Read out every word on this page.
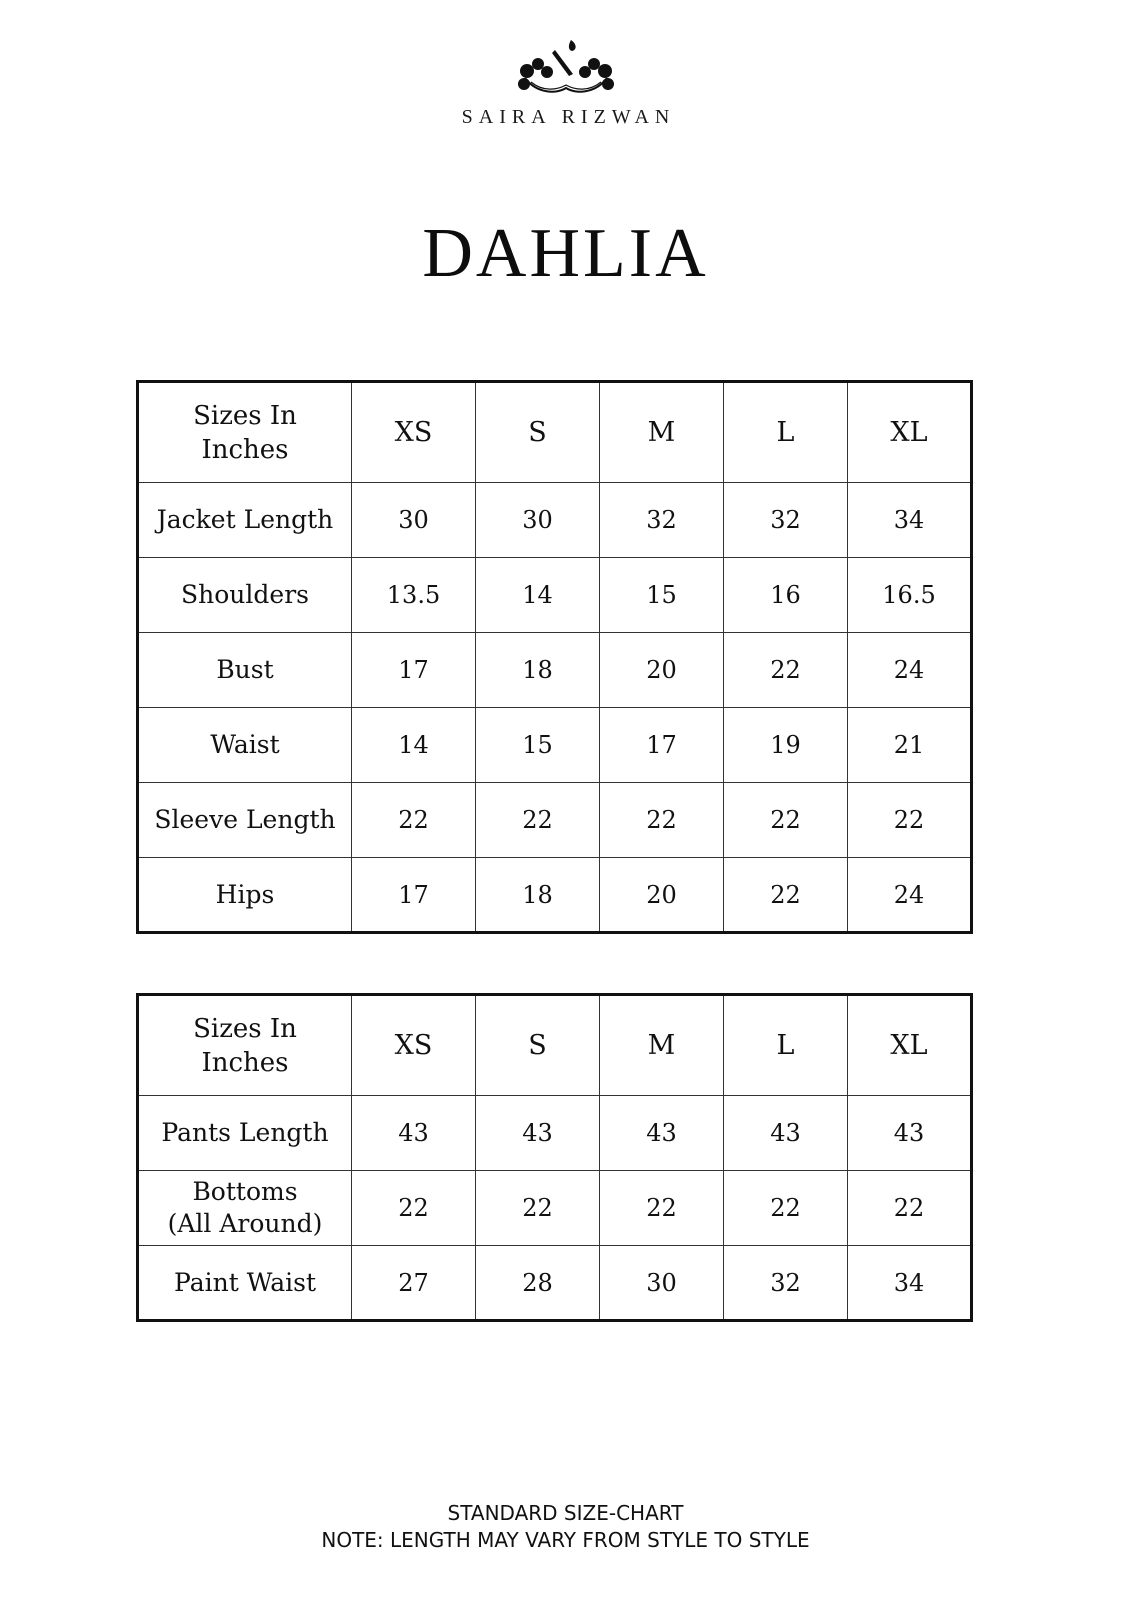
SAIRA RIZWAN
DAHLIA
Sizes In
Inches	XS	S	M	L	XL
Jacket Length	30	30	32	32	34
Shoulders	13.5	14	15	16	16.5
Bust	17	18	20	22	24
Waist	14	15	17	19	21
Sleeve Length	22	22	22	22	22
Hips	17	18	20	22	24
Sizes In
Inches	XS	S	M	L	XL
Pants Length	43	43	43	43	43
Bottoms
(All Around)	22	22	22	22	22
Paint Waist	27	28	30	32	34
STANDARD SIZE-CHART
NOTE: LENGTH MAY VARY FROM STYLE TO STYLE
